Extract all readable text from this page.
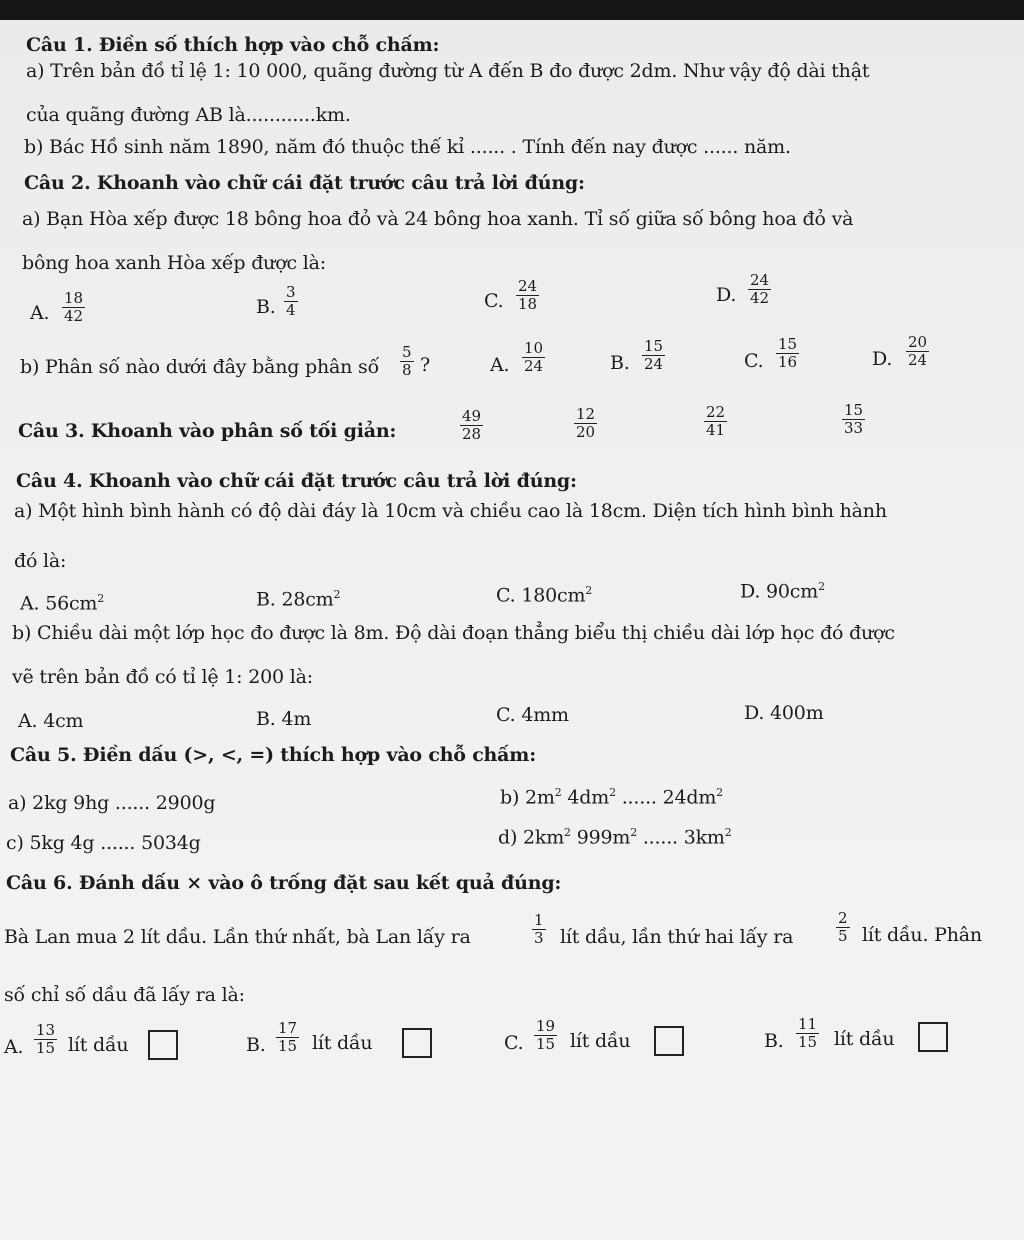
Câu 1. Điền số thích hợp vào chỗ chấm:
a) Trên bản đồ tỉ lệ 1: 10 000, quãng đường từ A đến B đo được 2dm. Như vậy độ dài thật
của quãng đường AB là............km.
b) Bác Hồ sinh năm 1890, năm đó thuộc thế kỉ ...... . Tính đến nay được ...... năm.
Câu 2. Khoanh vào chữ cái đặt trước câu trả lời đúng:
a) Bạn Hòa xếp được 18 bông hoa đỏ và 24 bông hoa xanh. Tỉ số giữa số bông hoa đỏ và
bông hoa xanh Hòa xếp được là:
A. $\frac{18}{42}$	B. $\frac{3}{4}$	C. $\frac{24}{18}$	D. $\frac{24}{42}$
b) Phân số nào dưới đây bằng phân số $\frac{5}{8}$ ?	A. $\frac{10}{24}$	B. $\frac{15}{24}$	C. $\frac{15}{16}$	D. $\frac{20}{24}$
Câu 3. Khoanh vào phân số tối giản:	$\frac{49}{28}$	$\frac{12}{20}$	$\frac{22}{41}$	$\frac{15}{33}$
Câu 4. Khoanh vào chữ cái đặt trước câu trả lời đúng:
a) Một hình bình hành có độ dài đáy là 10cm và chiều cao là 18cm. Diện tích hình bình hành
đó là:
A. $56cm^2$	B. $28cm^2$	C. $180cm^2$	D. $90cm^2$
b) Chiều dài một lớp học đo được là 8m. Độ dài đoạn thẳng biểu thị chiều dài lớp học đó được
vẽ trên bản đồ có tỉ lệ 1: 200 là:
A. 4cm	B. 4m	C. 4mm	D. 400m
Câu 5. Điền dấu (>, <, =) thích hợp vào chỗ chấm:
a) 2kg 9hg ...... 2900g	b) $2m^2$ $4dm^2$ ...... $24dm^2$
c) 5kg 4g ...... 5034g	d) $2km^2$ $999m^2$ ...... $3km^2$
Câu 6. Đánh dấu × vào ô trống đặt sau kết quả đúng:
Bà Lan mua 2 lít dầu. Lần thứ nhất, bà Lan lấy ra	$\frac{1}{3}$ lít dầu, lần thứ hai lấy ra	$\frac{2}{5}$ lít dầu. Phân
số chỉ số dầu đã lấy ra là:
A. $\frac{13}{15}$ lít dầu	B. $\frac{17}{15}$ lít dầu	C. $\frac{19}{15}$ lít dầu	B. $\frac{11}{15}$ lít dầu
